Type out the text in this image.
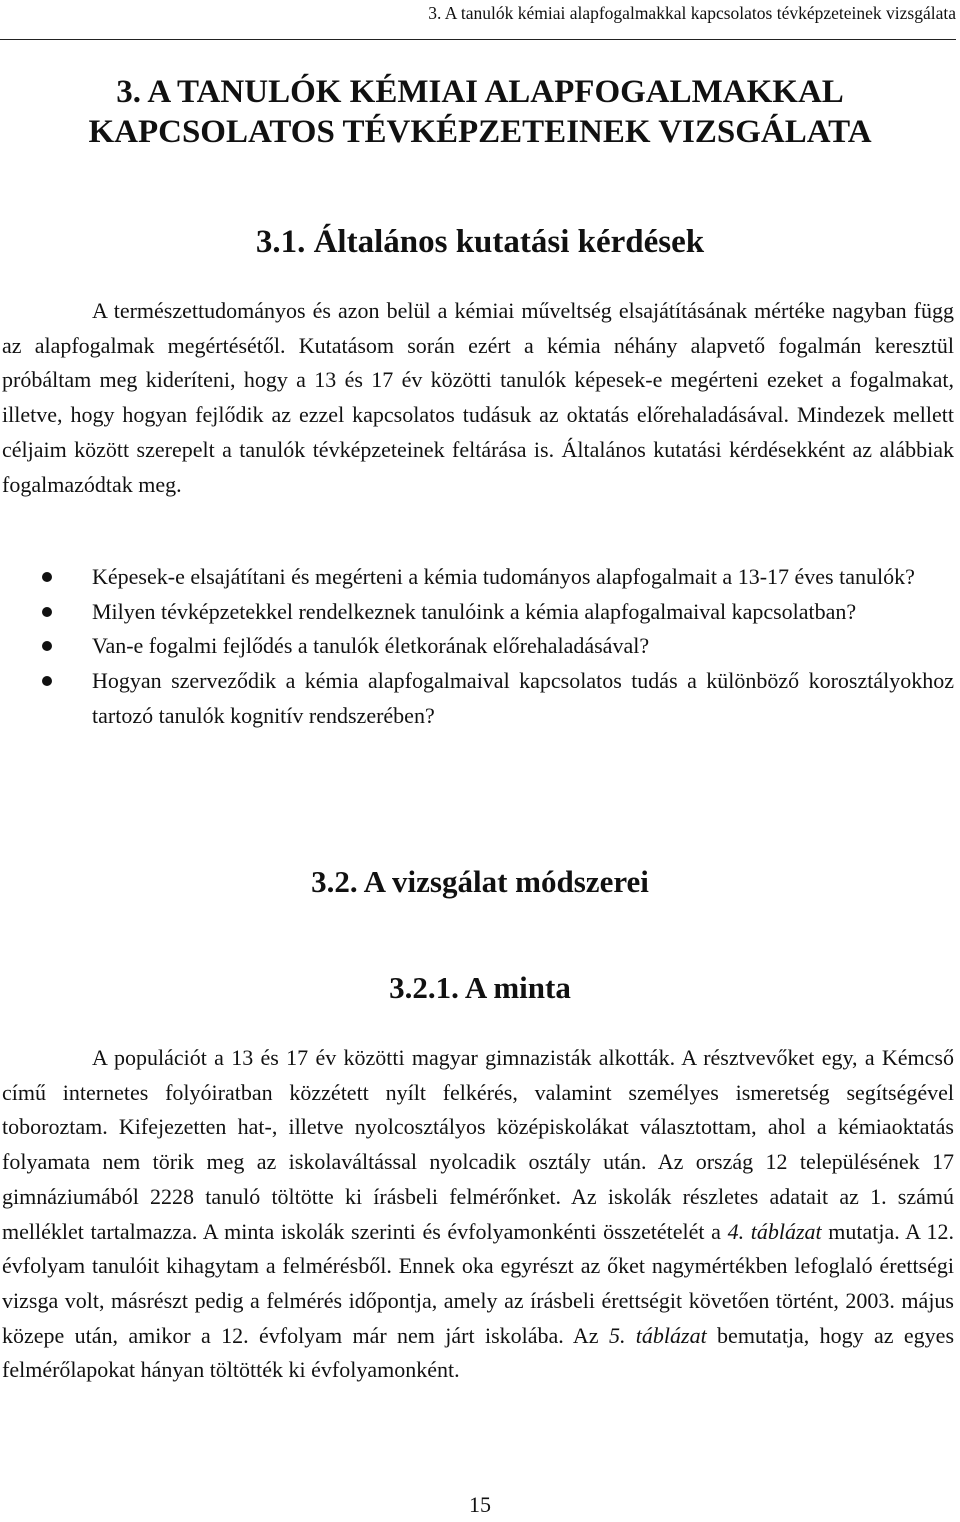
3. A tanulók kémiai alapfogalmakkal kapcsolatos tévképzeteinek vizsgálata
3. A TANULÓK KÉMIAI ALAPFOGALMAKKAL
KAPCSOLATOS TÉVKÉPZETEINEK VIZSGÁLATA
3.1. Általános kutatási kérdések

A természettudományos és azon belül a kémiai műveltség elsajátításának mértéke nagyban függ az alapfogalmak megértésétől. Kutatásom során ezért a kémia néhány alapvető fogalmán keresztül próbáltam meg kideríteni, hogy a 13 és 17 év közötti tanulók képesek-e megérteni ezeket a fogalmakat, illetve, hogy hogyan fejlődik az ezzel kapcsolatos tudásuk az oktatás előrehaladásával. Mindezek mellett céljaim között szerepelt a tanulók tévképzeteinek feltárása is. Általános kutatási kérdésekként az alábbiak fogalmazódtak meg.

Képesek-e elsajátítani és megérteni a kémia tudományos alapfogalmait a 13-17 éves tanulók?
Milyen tévképzetekkel rendelkeznek tanulóink a kémia alapfogalmaival kapcsolatban?
Van-e fogalmi fejlődés a tanulók életkorának előrehaladásával?
Hogyan szerveződik a kémia alapfogalmaival kapcsolatos tudás a különböző korosztályokhoz tartozó tanulók kognitív rendszerében?
3.2. A vizsgálat módszerei
3.2.1. A minta

A populációt a 13 és 17 év közötti magyar gimnazisták alkották. A résztvevőket egy, a Kémcső című internetes folyóiratban közzétett nyílt felkérés, valamint személyes ismeretség segítségével toboroztam. Kifejezetten hat-, illetve nyolcosztályos középiskolákat választottam, ahol a kémiaoktatás folyamata nem törik meg az iskolaváltással nyolcadik osztály után. Az ország 12 településének 17 gimnáziumából 2228 tanuló töltötte ki írásbeli felmérőnket. Az iskolák részletes adatait az 1. számú melléklet tartalmazza. A minta iskolák szerinti és évfolyamonkénti összetételét a 4. táblázat mutatja. A 12. évfolyam tanulóit kihagytam a felmérésből. Ennek oka egyrészt az őket nagymértékben lefoglaló érettségi vizsga volt, másrészt pedig a felmérés időpontja, amely az írásbeli érettségit követően történt, 2003. május közepe után, amikor a 12. évfolyam már nem járt iskolába. Az 5. táblázat bemutatja, hogy az egyes felmérőlapokat hányan töltötték ki évfolyamonként.

15
